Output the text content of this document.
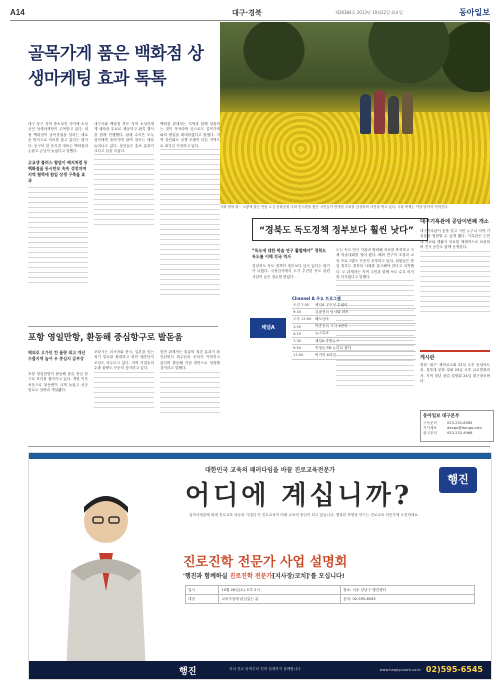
A14	대구·경북	제28384호 2013년 10월22일 화요일	동아일보
골목가게 품은 백화점 상생마케팅 효과 톡톡

대구 동구 지역 중소상인 사이에 소상공인 상생마케팅이 주목받고 있다. 대형 백화점이 골목상권을 살리는 새로운 방식으로 자리를 잡고 있다는 평가다. 동구의 한 음식점 대표는 백화점과 손잡고 손님이 늘었다고 말했다.

고교생 플러스 협업이 배지처럼 동 백화점을 동시만모 속속 성장지며 지역 협력에 힘입 상생 구축을 효과

대구시와 백화점 측은 지역 소상인에게 매장을 무료로 제공하고 판촉 행사를 함께 진행했다. 판매 수익은 모두 상인에게 돌아가며 참여 점포는 매달 늘어나고 있다. 상인들은 홍보 효과가 크다고 입을 모았다.

백화점 관계자는 지역과 함께 성장하는 것이 목표라며 앞으로도 골목가게와의 협업을 확대하겠다고 밝혔다. 지역 상인회도 상생 모델이 다른 지역으로 퍼지길 기대하고 있다.

국화 향에 취~ 노랗게 물든 안동 도심 문화공원 국화 전시장을 찾은 시민들이 만개한 국화를 감상하며 사진을 찍고 있다. 국화 축제는 이달 말까지 이어진다.

포항 영일만항, 환동해 중심항구로 발돋움

해외로 오가던 컨 물량 최고 개선 수출지역 늘어 우 중심지 급부상

포항 영일만항이 환동해 물류 중심 항구로 자리를 잡아가고 있다. 개항 이후 처음으로 물동량이 크게 늘었고 신규 항로도 잇따라 개설됐다.

포항시는 러시아와 중국, 일본을 잇는 정기 항로를 확대하고 항만 배후단지 조성도 서두르고 있다. 지역 기업들의 수출 물량도 꾸준히 증가하고 있다.

항만 관계자는 물류비 절감 효과가 확인되면서 화주들의 문의가 이어지고 있다며 환동해 거점 항만으로 성장할 것이라고 말했다.

“경북도 독도정책 정부보다 훨씬 낫다”

“독도에 대한 학술 연구 활발해야” 경북도 독도를 이해 각국 역사

경상북도 독도 정책이 정부보다 앞서 있다는 평가가 나왔다. 국정감사에서 도가 추진한 독도 관련 사업이 높은 점수를 받았다.

도는 독도 연구 기관과 협력해 자료를 축적하고 국제 학술대회를 열어 왔다. 해외 연구자 초청과 교육 프로그램도 꾸준히 운영하고 있다. 위원들은 중앙 정부도 경북의 사례를 참고해야 한다고 지적했다. 도 관계자는 지역 주민과 함께 독도 수호 의지를 다지겠다고 말했다.

Channel A 주요 프로그램
채널A
오전 7:00	채널A 굿모닝 투데이
9:30	김광현의 탐사와 파조
오후 12:00	쾌도난마
1:50	박종진의 시사 1번지
4:10	뉴스특보
7:30	채널A 종합뉴스
9:50	이영돈 PD 논리로 풀다
11:00	먹거리 X파일

대구기록관에 공담이번째 개소

대구기록관이 문을 열고 시민 누구나 지역 기록물을 열람할 수 있게 됐다. 기록관은 근현대 자료와 생활사 자료를 체계적으로 보관하며 전시 공간도 함께 운영한다.

게시판

영화 '대구' 제작보고회 22일 오후 동성아트홀. 경북대 문화 강좌 23일 오후 글로벌플라자. 지역 청년 창업 설명회 24일 대구창조센터.

동아일보 대구본부

구독문의	053-252-8585
기사제보	daegu@donga.com
광고문의	053-252-4966

대한민국 교육의 패러다임을 바꿀 진로교육전문가

행진

어디에 계십니까?

입학사정관제 확대 진로교육 의무화 기대감 속 진로교육이 미래 교육의 중심이 되고 있습니다. 행복한 학생을 만드는 진로교육 전문가에 도전하세요.

진로진학 전문가 사업 설명회

'행진과 함께하실 진로진학 전문가[지사장/코치]'를 모십니다!

일시	10월 26일(토) 오후 2시	장소: 서울 강남구 행진센터
대상	교육사업에 관심있는 분	문의: 02-595-6545
행진	자녀 진로 탐색부터 진학 설계까지 함께합니다	www.happycoach.co.kr 02)595-6545
